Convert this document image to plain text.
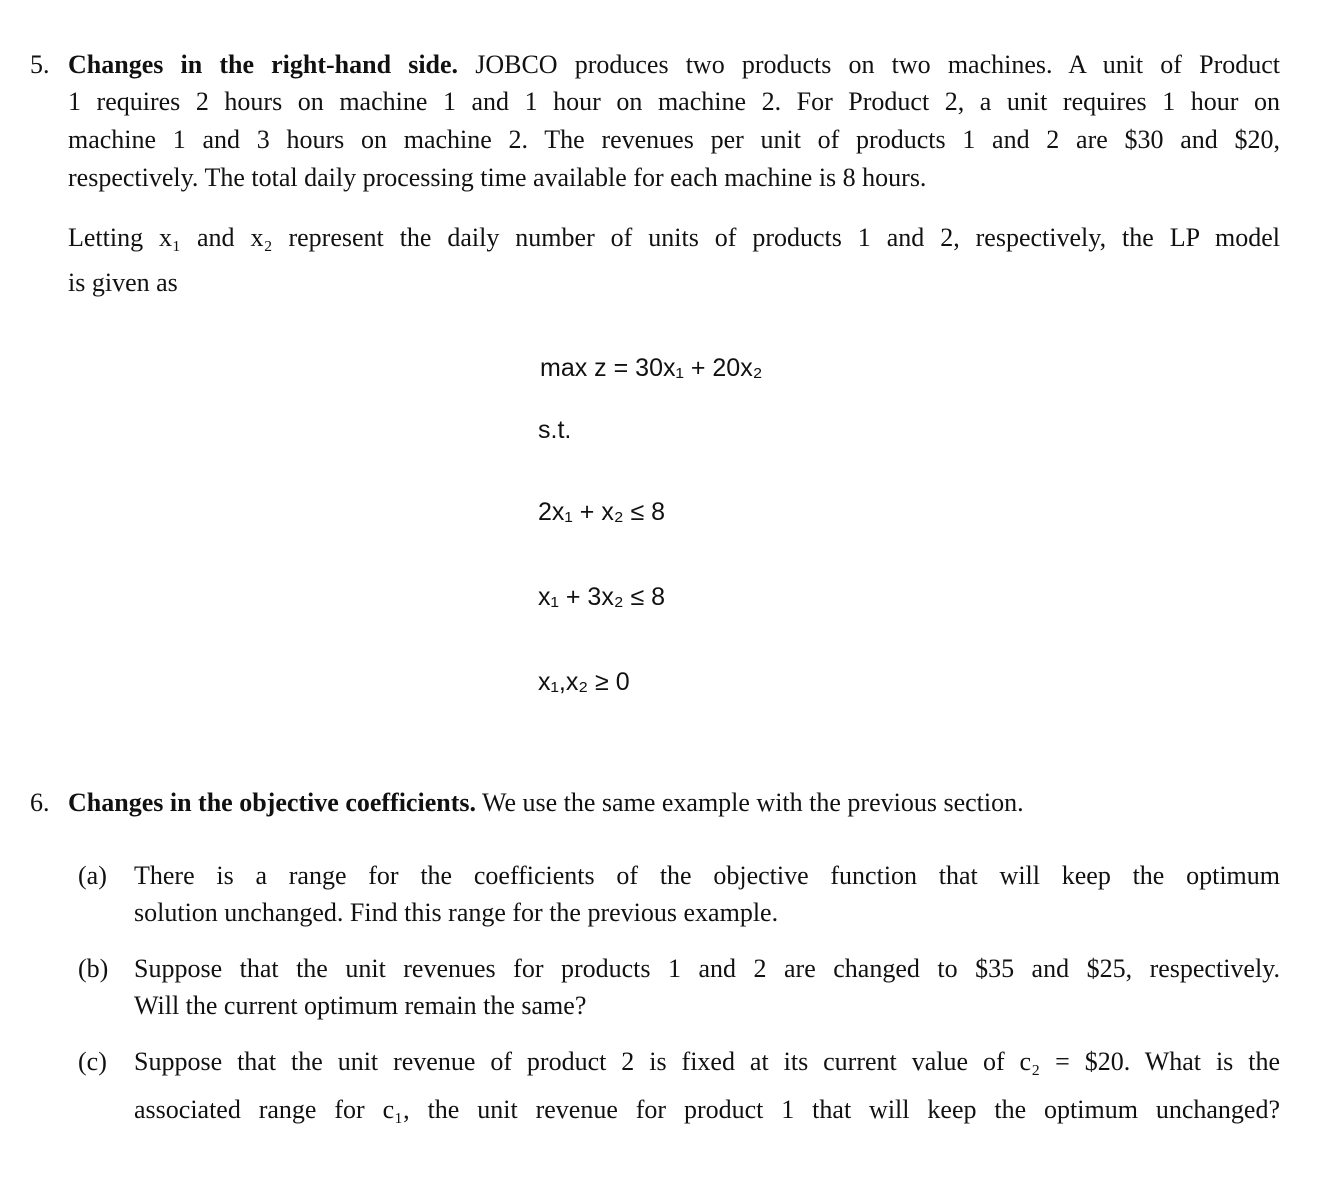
5. Changes in the right-hand side. JOBCO produces two products on two machines. A unit of Product
1 requires 2 hours on machine 1 and 1 hour on machine 2. For Product 2, a unit requires 1 hour on
machine 1 and 3 hours on machine 2. The revenues per unit of products 1 and 2 are $30 and $20,
respectively. The total daily processing time available for each machine is 8 hours.
Letting x₁ and x₂ represent the daily number of units of products 1 and 2, respectively, the LP model
is given as
max z = 30x₁ + 20x₂
s.t.
2x₁ + x₂ ≤ 8
x₁ + 3x₂ ≤ 8
x₁,x₂ ≥ 0
6. Changes in the objective coefficients. We use the same example with the previous section.
(a) There is a range for the coefficients of the objective function that will keep the optimum
solution unchanged. Find this range for the previous example.
(b) Suppose that the unit revenues for products 1 and 2 are changed to $35 and $25, respectively.
Will the current optimum remain the same?
(c) Suppose that the unit revenue of product 2 is fixed at its current value of c₂ = $20. What is the
associated range for c₁, the unit revenue for product 1 that will keep the optimum unchanged?
